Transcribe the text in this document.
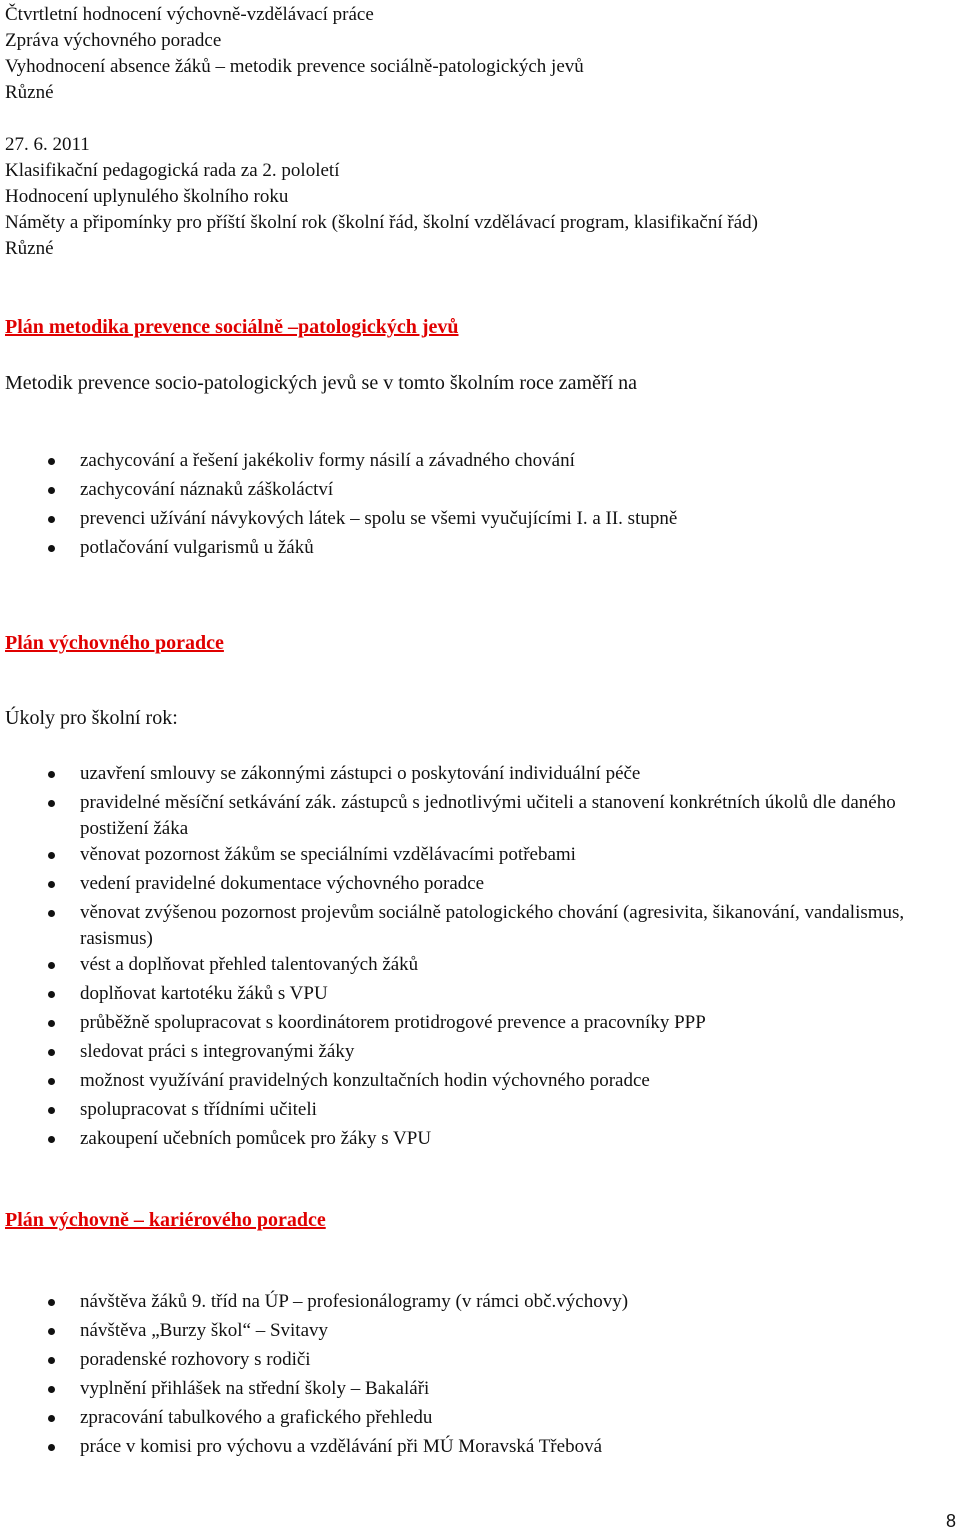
Čtvrtletní hodnocení výchovně-vzdělávací práce
Zpráva výchovného poradce
Vyhodnocení absence žáků – metodik prevence sociálně-patologických jevů
Různé
27. 6. 2011
Klasifikační pedagogická rada za 2. pololetí
Hodnocení uplynulého školního roku
Náměty a připomínky pro příští školní rok (školní řád, školní vzdělávací program, klasifikační řád)
Různé
Plán metodika prevence sociálně –patologických jevů
Metodik prevence socio-patologických jevů se v tomto školním roce zaměří na
zachycování a řešení jakékoliv formy násilí a závadného chování
zachycování náznaků záškoláctví
prevenci užívání návykových látek – spolu se všemi vyučujícími I. a II. stupně
potlačování vulgarismů u žáků
Plán výchovného poradce
Úkoly pro školní rok:
uzavření smlouvy se zákonnými zástupci o poskytování individuální péče
pravidelné měsíční setkávání zák. zástupců s jednotlivými učiteli a stanovení konkrétních úkolů dle daného postižení žáka
věnovat pozornost žákům se speciálními vzdělávacími potřebami
vedení pravidelné dokumentace výchovného poradce
věnovat zvýšenou pozornost projevům sociálně patologického chování (agresivita, šikanování, vandalismus, rasismus)
vést a doplňovat přehled talentovaných žáků
doplňovat kartotéku žáků s VPU
průběžně spolupracovat s koordinátorem protidrogové prevence a pracovníky PPP
sledovat práci s integrovanými žáky
možnost využívání pravidelných konzultačních hodin výchovného poradce
spolupracovat s třídními učiteli
zakoupení učebních pomůcek pro žáky s VPU
Plán výchovně – kariérového poradce
návštěva žáků 9. tříd na ÚP – profesionálogramy (v rámci obč.výchovy)
návštěva „Burzy škol“ – Svitavy
poradenské rozhovory s rodiči
vyplnění přihlášek na střední školy – Bakaláři
zpracování tabulkového a grafického přehledu
práce v komisi pro výchovu a vzdělávání při MÚ Moravská Třebová
8
